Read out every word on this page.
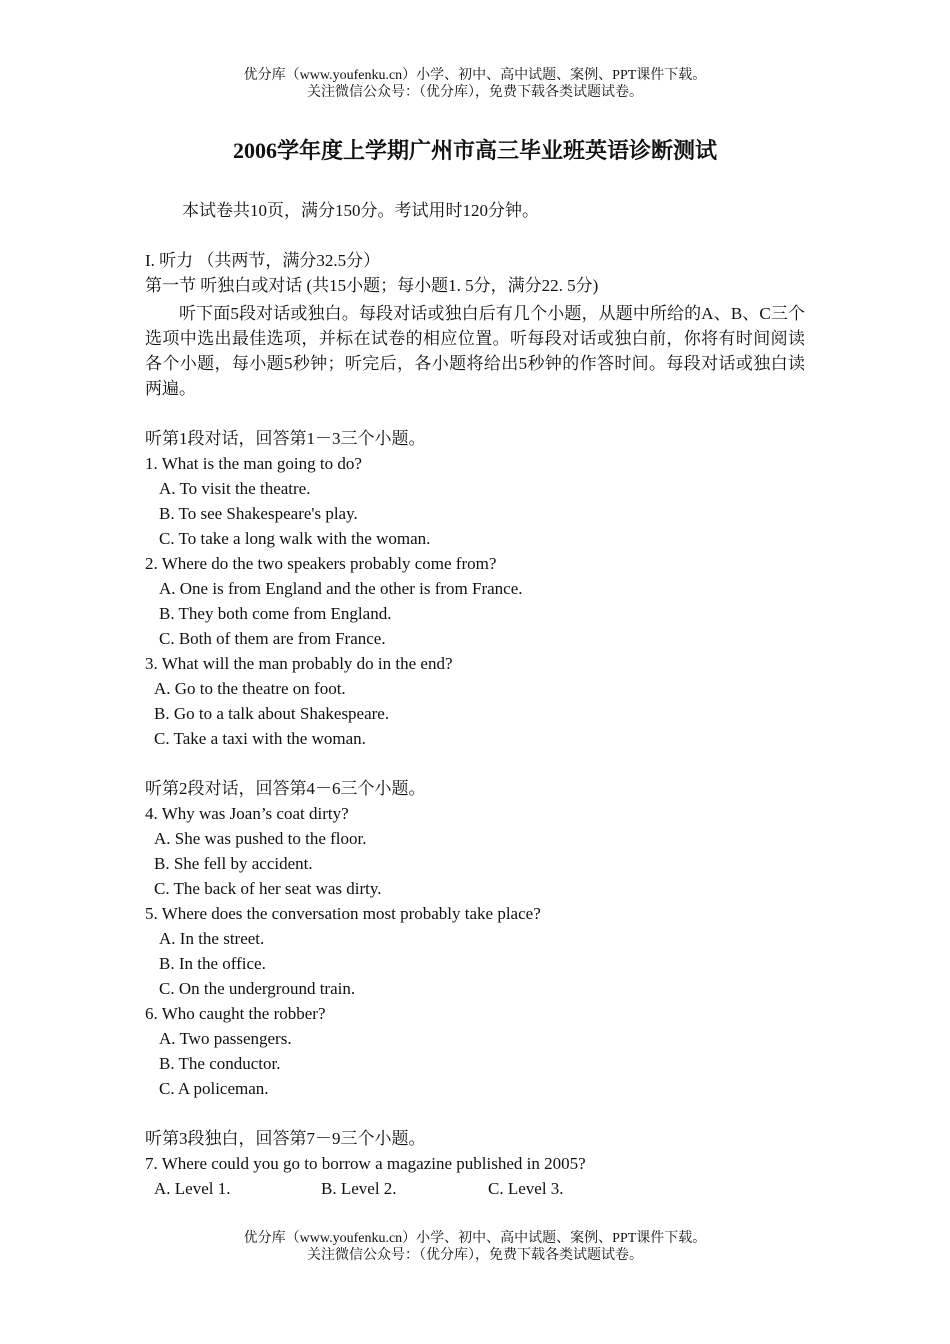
优分库（www.youfenku.cn）小学、初中、高中试题、案例、PPT课件下载。
关注微信公众号：（优分库），免费下载各类试题试卷。
2006学年度上学期广州市高三毕业班英语诊断测试
本试卷共10页，满分150分。考试用时120分钟。
I. 听力 （共两节，满分32.5分）
第一节 听独白或对话 (共15小题；每小题1. 5分，满分22. 5分)
听下面5段对话或独白。每段对话或独白后有几个小题，从题中所给的A、B、C三个选项中选出最佳选项，并标在试卷的相应位置。听每段对话或独白前，你将有时间阅读各个小题，每小题5秒钟；听完后，各小题将给出5秒钟的作答时间。每段对话或独白读两遍。
听第1段对话，回答第1－3三个小题。
1. What is the man going to do?
A. To visit the theatre.
B. To see Shakespeare's play.
C. To take a long walk with the woman.
2. Where do the two speakers probably come from?
A. One is from England and the other is from France.
B. They both come from England.
C. Both of them are from France.
3. What will the man probably do in the end?
A. Go to the theatre on foot.
B. Go to a talk about Shakespeare.
C. Take a taxi with the woman.
听第2段对话，回答第4－6三个小题。
4. Why was Joan’s coat dirty?
A. She was pushed to the floor.
B. She fell by accident.
C. The back of her seat was dirty.
5. Where does the conversation most probably take place?
A. In the street.
B. In the office.
C. On the underground train.
6. Who caught the robber?
A. Two passengers.
B. The conductor.
C. A policeman.
听第3段独白，回答第7－9三个小题。
7. Where could you go to borrow a magazine published in 2005?
A. Level 1.	B. Level 2.	C. Level 3.
优分库（www.youfenku.cn）小学、初中、高中试题、案例、PPT课件下载。
关注微信公众号：（优分库），免费下载各类试题试卷。
